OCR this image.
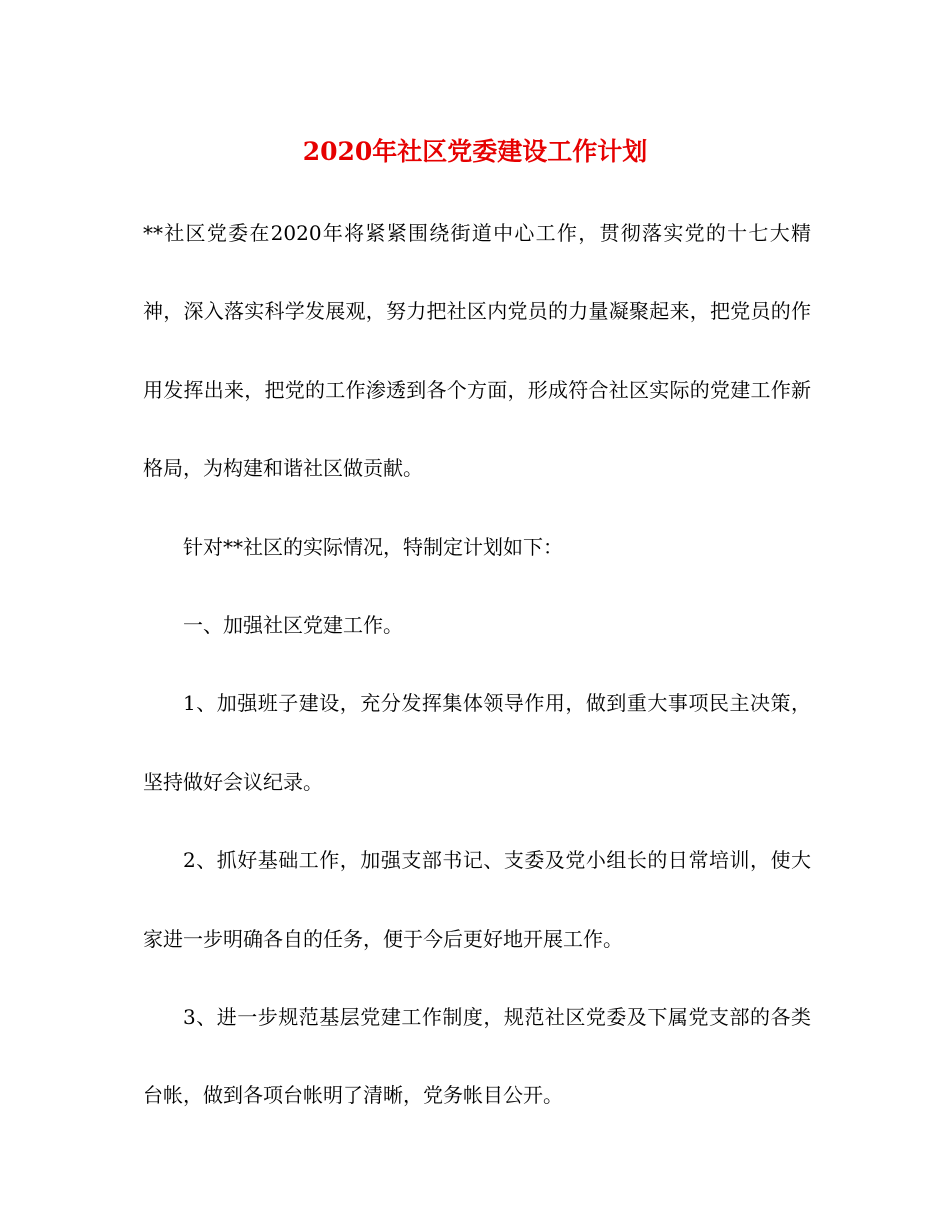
2020年社区党委建设工作计划

**社区党委在2020年将紧紧围绕街道中心工作，贯彻落实党的十七大精神，深入落实科学发展观，努力把社区内党员的力量凝聚起来，把党员的作用发挥出来，把党的工作渗透到各个方面，形成符合社区实际的党建工作新格局，为构建和谐社区做贡献。

针对**社区的实际情况，特制定计划如下：

一、加强社区党建工作。

1、加强班子建设，充分发挥集体领导作用，做到重大事项民主决策，坚持做好会议纪录。

2、抓好基础工作，加强支部书记、支委及党小组长的日常培训，使大家进一步明确各自的任务，便于今后更好地开展工作。

3、进一步规范基层党建工作制度，规范社区党委及下属党支部的各类台帐，做到各项台帐明了清晰，党务帐目公开。
